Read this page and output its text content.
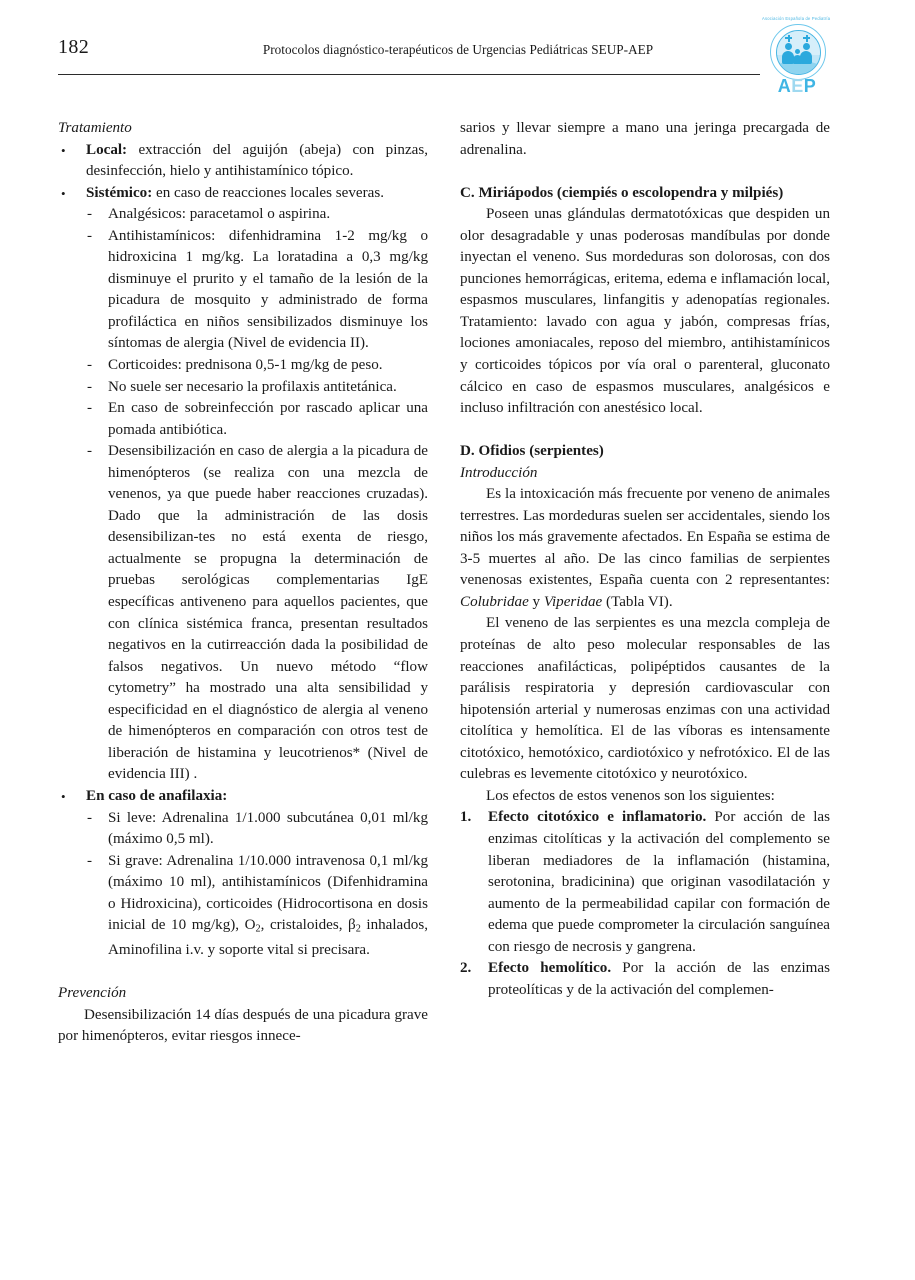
182	Protocolos diagnóstico-terapéuticos de Urgencias Pediátricas SEUP-AEP
Asociación Española de Pediatría
AEP
Tratamiento
• Local: extracción del aguijón (abeja) con pinzas, desinfección, hielo y antihistamínico tópico.
• Sistémico: en caso de reacciones locales severas.
- Analgésicos: paracetamol o aspirina.
- Antihistamínicos: difenhidramina 1-2 mg/kg o hidroxicina 1 mg/kg. La loratadina a 0,3 mg/kg disminuye el prurito y el tamaño de la lesión de la picadura de mosquito y administrado de forma profiláctica en niños sensibilizados disminuye los síntomas de alergia (Nivel de evidencia II).
- Corticoides: prednisona 0,5-1 mg/kg de peso.
- No suele ser necesario la profilaxis antitetánica.
- En caso de sobreinfección por rascado aplicar una pomada antibiótica.
- Desensibilización en caso de alergia a la picadura de himenópteros (se realiza con una mezcla de venenos, ya que puede haber reacciones cruzadas). Dado que la administración de las dosis desensibilizan-tes no está exenta de riesgo, actualmente se propugna la determinación de pruebas serológicas complementarias IgE específicas antiveneno para aquellos pacientes, que con clínica sistémica franca, presentan resultados negativos en la cutirreacción dada la posibilidad de falsos negativos. Un nuevo método “flow cytometry” ha mostrado una alta sensibilidad y especificidad en el diagnóstico de alergia al veneno de himenópteros en comparación con otros test de liberación de histamina y leucotrienos* (Nivel de evidencia III) .
• En caso de anafilaxia:
- Si leve: Adrenalina 1/1.000 subcutánea 0,01 ml/kg (máximo 0,5 ml).
- Si grave: Adrenalina 1/10.000 intravenosa 0,1 ml/kg (máximo 10 ml), antihistamínicos (Difenhidramina o Hidroxicina), corticoides (Hidrocortisona en dosis inicial de 10 mg/kg), $O_2$, cristaloides, $\beta_2$ inhalados, Aminofilina i.v. y soporte vital si precisara.
Prevención

Desensibilización 14 días después de una picadura grave por himenópteros, evitar riesgos innece-

sarios y llevar siempre a mano una jeringa precargada de adrenalina.

C. Miriápodos (ciempiés o escolopendra y milpiés)

Poseen unas glándulas dermatotóxicas que despiden un olor desagradable y unas poderosas mandíbulas por donde inyectan el veneno. Sus mordeduras son dolorosas, con dos punciones hemorrágicas, eritema, edema e inflamación local, espasmos musculares, linfangitis y adenopatías regionales. Tratamiento: lavado con agua y jabón, compresas frías, lociones amoniacales, reposo del miembro, antihistamínicos y corticoides tópicos por vía oral o parenteral, gluconato cálcico en caso de espasmos musculares, analgésicos e incluso infiltración con anestésico local.

D. Ofidios (serpientes)
Introducción

Es la intoxicación más frecuente por veneno de animales terrestres. Las mordeduras suelen ser accidentales, siendo los niños los más gravemente afectados. En España se estima de 3-5 muertes al año. De las cinco familias de serpientes venenosas existentes, España cuenta con 2 representantes: Colubridae y Viperidae (Tabla VI).

El veneno de las serpientes es una mezcla compleja de proteínas de alto peso molecular responsables de las reacciones anafilácticas, polipéptidos causantes de la parálisis respiratoria y depresión cardiovascular con hipotensión arterial y numerosas enzimas con una actividad citolítica y hemolítica. El de las víboras es intensamente citotóxico, hemotóxico, cardiotóxico y nefrotóxico. El de las culebras es levemente citotóxico y neurotóxico.

Los efectos de estos venenos son los siguientes:

1. Efecto citotóxico e inflamatorio. Por acción de las enzimas citolíticas y la activación del complemento se liberan mediadores de la inflamación (histamina, serotonina, bradicinina) que originan vasodilatación y aumento de la permeabilidad capilar con formación de edema que puede comprometer la circulación sanguínea con riesgo de necrosis y gangrena.
2. Efecto hemolítico. Por la acción de las enzimas proteolíticas y de la activación del complemen-
